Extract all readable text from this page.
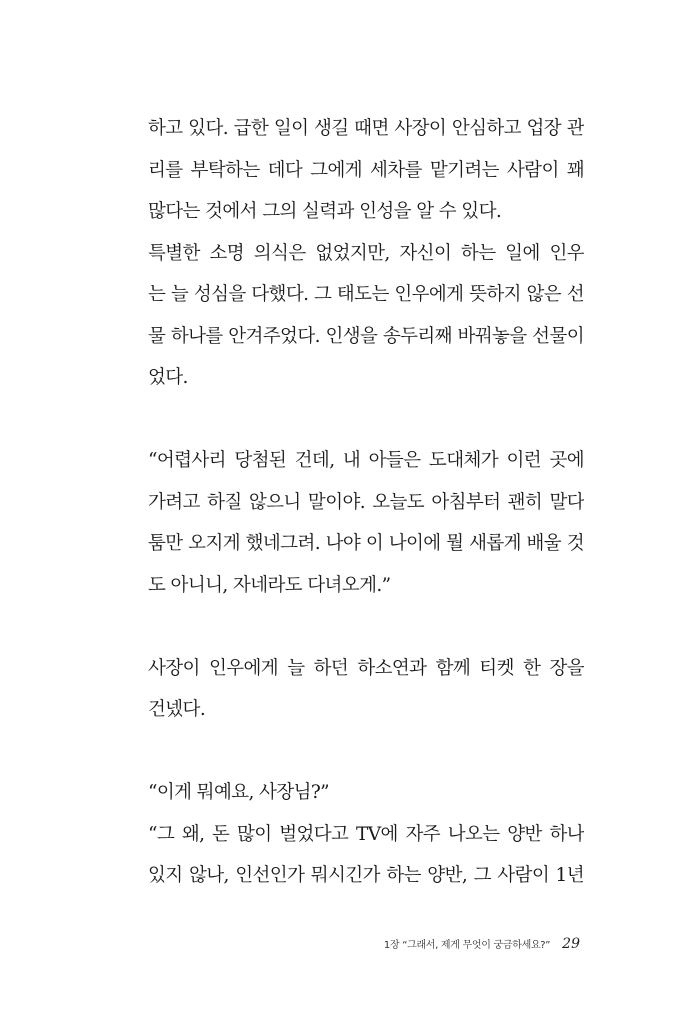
하고 있다. 급한 일이 생길 때면 사장이 안심하고 업장 관
리를 부탁하는 데다 그에게 세차를 맡기려는 사람이 꽤
많다는 것에서 그의 실력과 인성을 알 수 있다.
특별한 소명 의식은 없었지만, 자신이 하는 일에 인우
는 늘 성심을 다했다. 그 태도는 인우에게 뜻하지 않은 선
물 하나를 안겨주었다. 인생을 송두리째 바꿔놓을 선물이
었다.
“어렵사리 당첨된 건데, 내 아들은 도대체가 이런 곳에
가려고 하질 않으니 말이야. 오늘도 아침부터 괜히 말다
툼만 오지게 했네그려. 나야 이 나이에 뭘 새롭게 배울 것
도 아니니, 자네라도 다녀오게.”
사장이 인우에게 늘 하던 하소연과 함께 티켓 한 장을
건넸다.
“이게 뭐예요, 사장님?”
“그 왜, 돈 많이 벌었다고 TV에 자주 나오는 양반 하나
있지 않나, 인선인가 뭐시긴가 하는 양반, 그 사람이 1년
1장 “그래서, 제게 무엇이 궁금하세요?” 29
